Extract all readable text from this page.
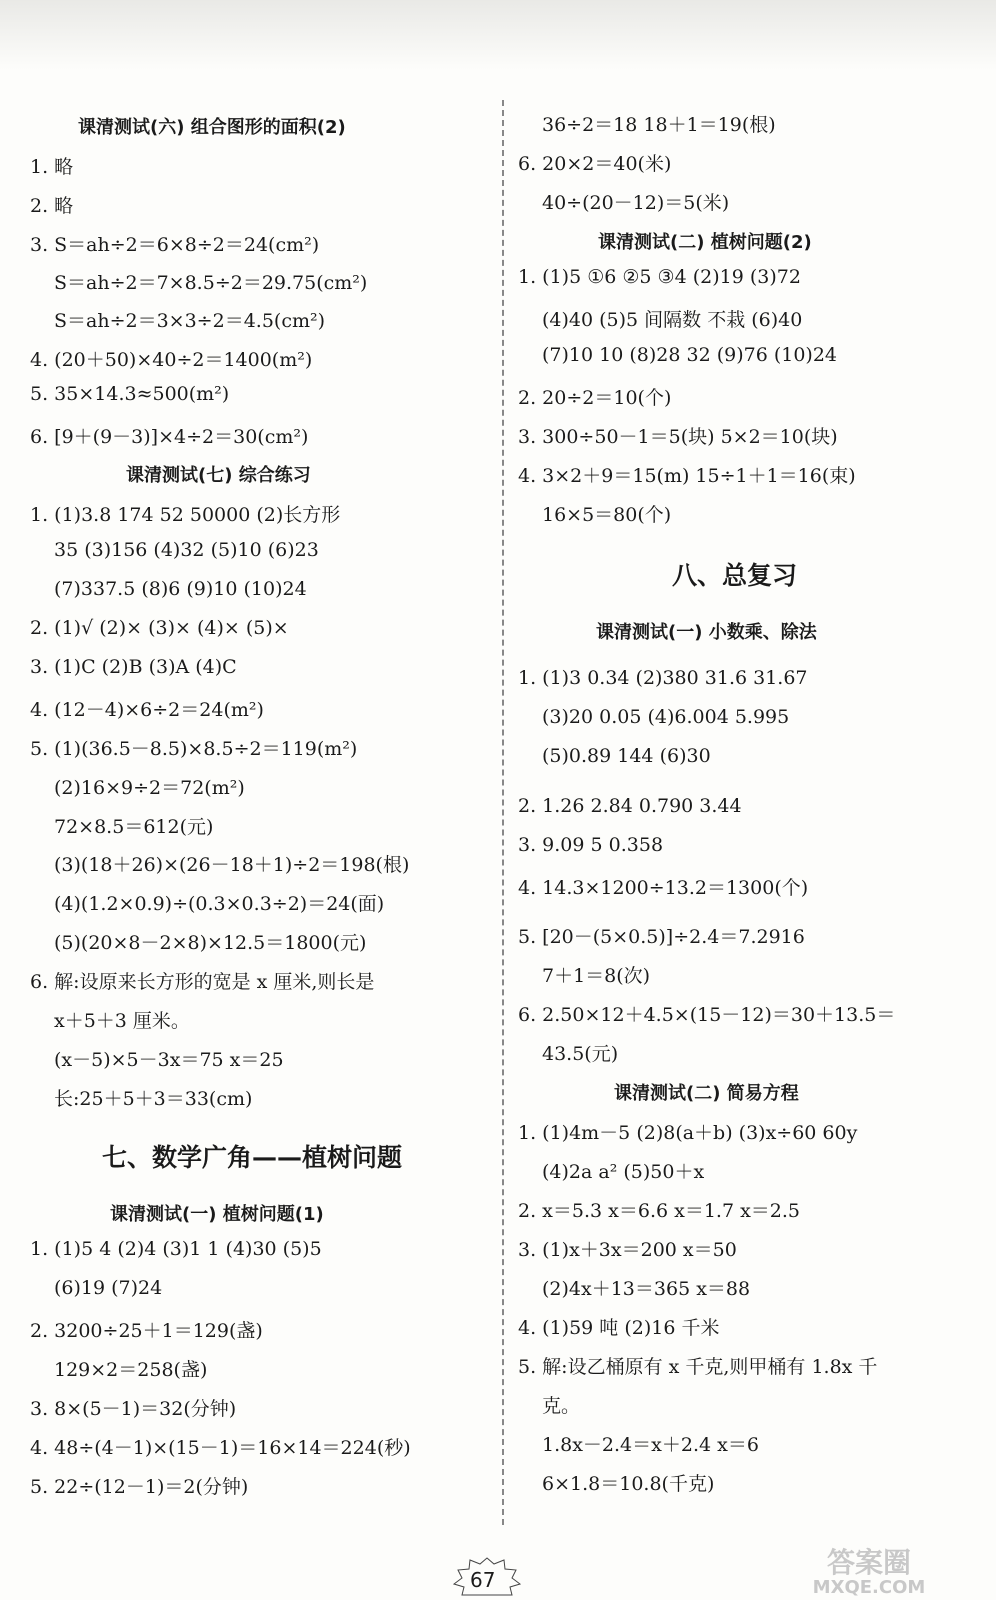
课清测试(六) 组合图形的面积(2)
1. 略
2. 略
3. S＝ah÷2＝6×8÷2＝24(cm²)
S＝ah÷2＝7×8.5÷2＝29.75(cm²)
S＝ah÷2＝3×3÷2＝4.5(cm²)
4. (20＋50)×40÷2＝1400(m²)
5. 35×14.3≈500(m²)
6. [9＋(9－3)]×4÷2＝30(cm²)
课清测试(七) 综合练习
1. (1)3.8 174 52 50000 (2)长方形
35 (3)156 (4)32 (5)10 (6)23
(7)337.5 (8)6 (9)10 (10)24
2. (1)√ (2)× (3)× (4)× (5)×
3. (1)C (2)B (3)A (4)C
4. (12－4)×6÷2＝24(m²)
5. (1)(36.5－8.5)×8.5÷2＝119(m²)
(2)16×9÷2＝72(m²)
72×8.5＝612(元)
(3)(18＋26)×(26－18＋1)÷2＝198(根)
(4)(1.2×0.9)÷(0.3×0.3÷2)＝24(面)
(5)(20×8－2×8)×12.5＝1800(元)
6. 解:设原来长方形的宽是 x 厘米,则长是
x＋5＋3 厘米。
(x－5)×5－3x＝75 x＝25
长:25＋5＋3＝33(cm)
七、数学广角——植树问题
课清测试(一) 植树问题(1)
1. (1)5 4 (2)4 (3)1 1 (4)30 (5)5
(6)19 (7)24
2. 3200÷25＋1＝129(盏)
129×2＝258(盏)
3. 8×(5－1)＝32(分钟)
4. 48÷(4－1)×(15－1)＝16×14＝224(秒)
5. 22÷(12－1)＝2(分钟)
36÷2＝18 18＋1＝19(根)
6. 20×2＝40(米)
40÷(20－12)＝5(米)
课清测试(二) 植树问题(2)
1. (1)5 ①6 ②5 ③4 (2)19 (3)72
(4)40 (5)5 间隔数 不栽 (6)40
(7)10 10 (8)28 32 (9)76 (10)24
2. 20÷2＝10(个)
3. 300÷50－1＝5(块) 5×2＝10(块)
4. 3×2＋9＝15(m) 15÷1＋1＝16(束)
16×5＝80(个)
八、总复习
课清测试(一) 小数乘、除法
1. (1)3 0.34 (2)380 31.6 31.67
(3)20 0.05 (4)6.004 5.995
(5)0.89 144 (6)30
2. 1.26 2.84 0.790 3.44
3. 9.09 5 0.358
4. 14.3×1200÷13.2＝1300(个)
5. [20－(5×0.5)]÷2.4＝7.2916
7＋1＝8(次)
6. 2.50×12＋4.5×(15－12)＝30＋13.5＝
43.5(元)
课清测试(二) 简易方程
1. (1)4m－5 (2)8(a＋b) (3)x÷60 60y
(4)2a a² (5)50＋x
2. x＝5.3 x＝6.6 x＝1.7 x＝2.5
3. (1)x＋3x＝200 x＝50
(2)4x＋13＝365 x＝88
4. (1)59 吨 (2)16 千米
5. 解:设乙桶原有 x 千克,则甲桶有 1.8x 千
克。
1.8x－2.4＝x＋2.4 x＝6
6×1.8＝10.8(千克)
67
答案圈
MXQE.COM
